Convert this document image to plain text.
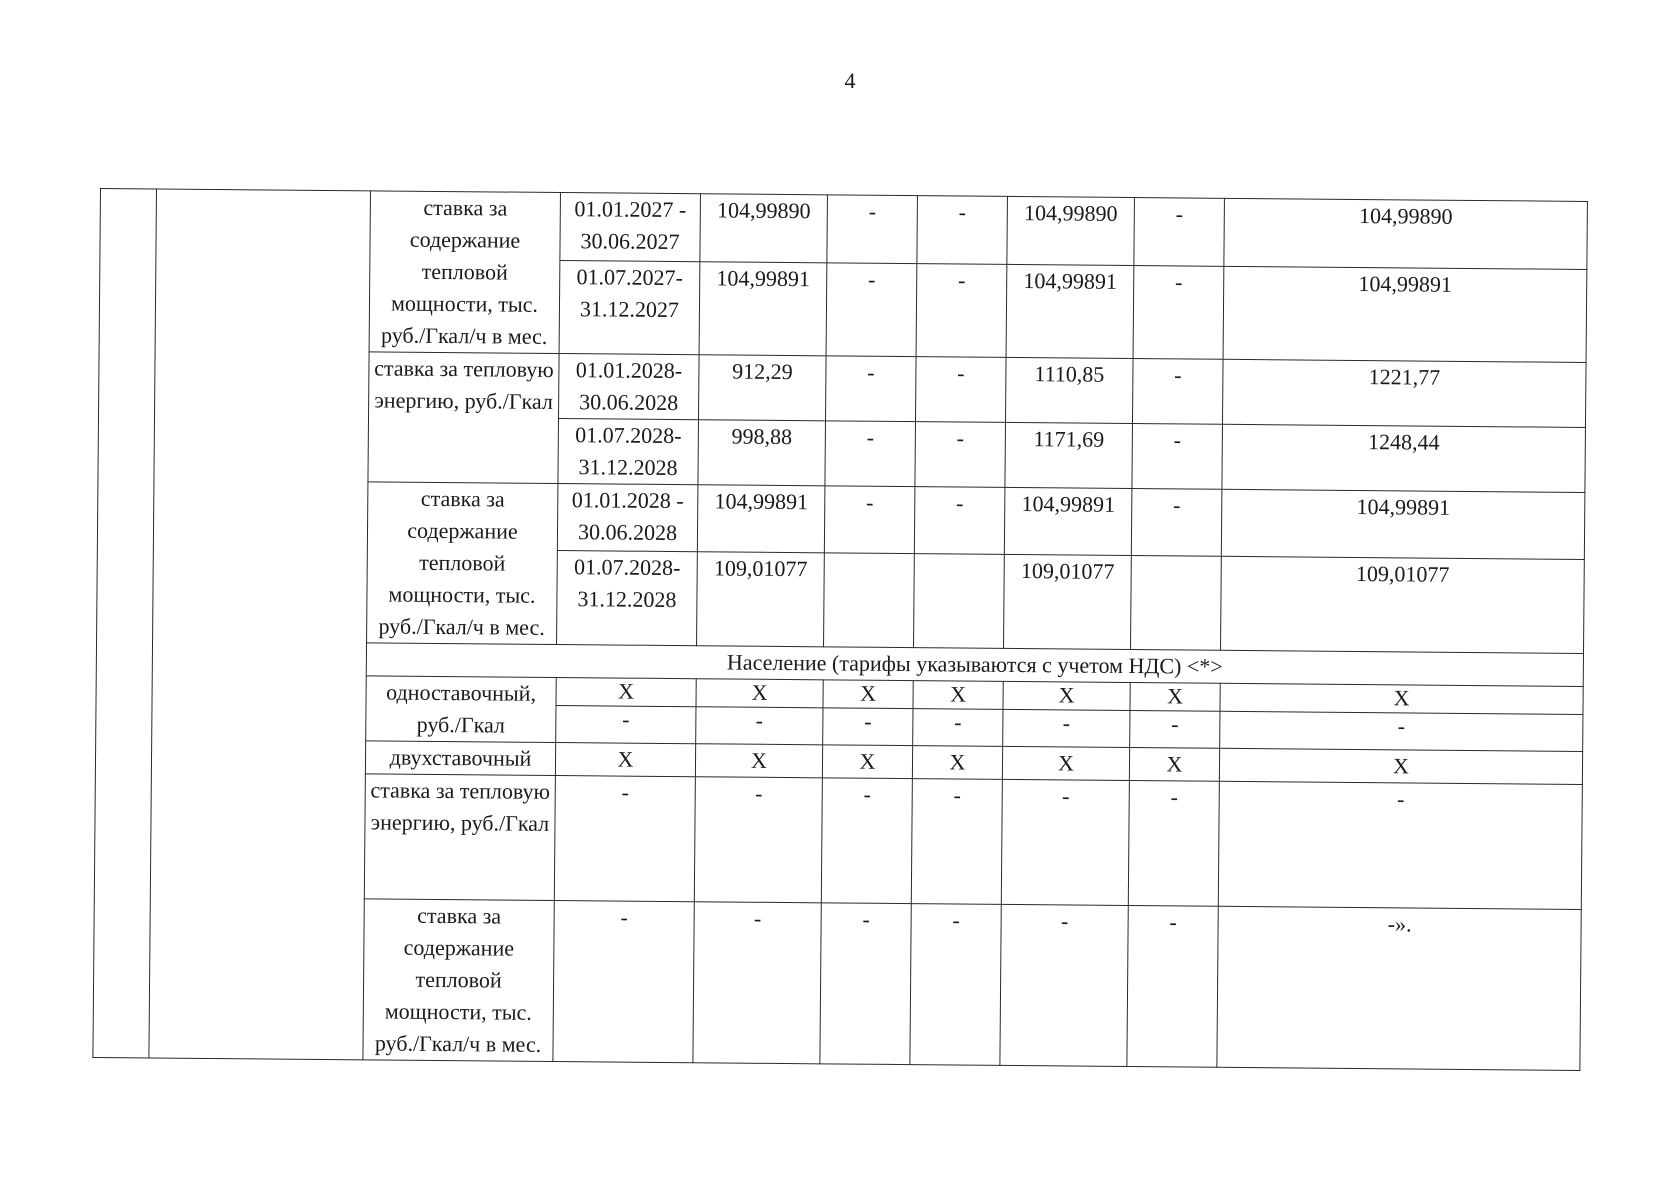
4
		ставка за содержание тепловой мощности, тыс. руб./Гкал/ч в мес.	01.01.2027 - 30.06.2027	104,99890	-	-	104,99890	-	104,99890
			01.07.2027- 31.12.2027	104,99891	-	-	104,99891	-	104,99891
		ставка за тепловую энергию, руб./Гкал	01.01.2028- 30.06.2028	912,29	-	-	1110,85	-	1221,77
			01.07.2028- 31.12.2028	998,88	-	-	1171,69	-	1248,44
		ставка за содержание тепловой мощности, тыс. руб./Гкал/ч в мес.	01.01.2028 - 30.06.2028	104,99891	-	-	104,99891	-	104,99891
			01.07.2028- 31.12.2028	109,01077			109,01077		109,01077
		Население (тарифы указываются с учетом НДС) <*>							
		одноставочный, руб./Гкал	Х	Х	Х	Х	Х	Х	Х
			-	-	-	-	-	-	-
		двухставочный	Х	Х	Х	Х	Х	Х	Х
		ставка за тепловую энергию, руб./Гкал	-	-	-	-	-	-	-
		ставка за содержание тепловой мощности, тыс. руб./Гкал/ч в мес.	-	-	-	-	-	-	-».
